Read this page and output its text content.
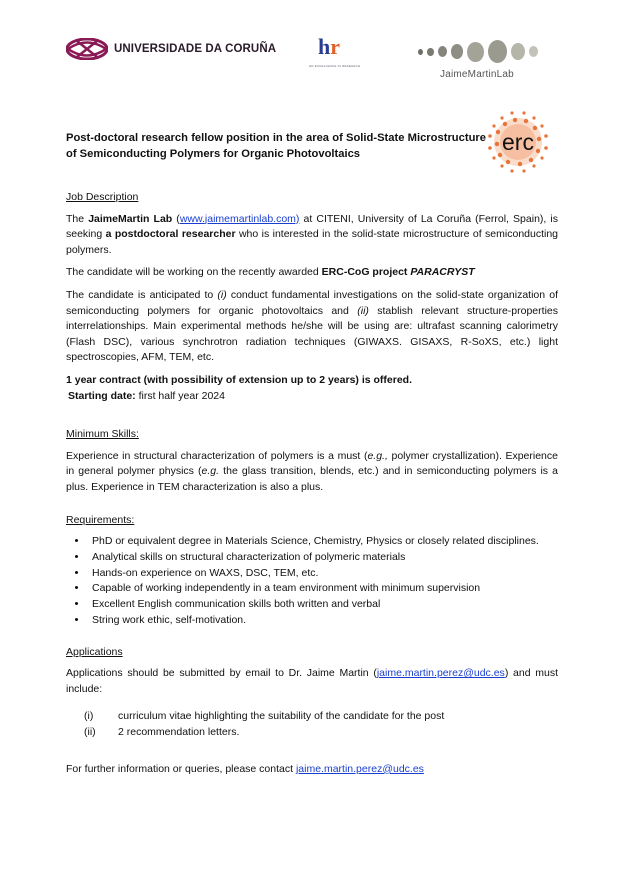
UNIVERSIDADE DA CORUÑA	hr
HR EXCELLENCE IN RESEARCH
JaimeMartinLab
Post-doctoral research fellow position in the area of Solid-State Microstructure of Semiconducting Polymers for Organic Photovoltaics	erc
Job Description

The JaimeMartin Lab (www.jaimemartinlab.com) at CITENI, University of La Coruña (Ferrol, Spain), is seeking a postdoctoral researcher who is interested in the solid-state microstructure of semiconducting polymers.

The candidate will be working on the recently awarded ERC-CoG project PARACRYST

The candidate is anticipated to (i) conduct fundamental investigations on the solid-state organization of semiconducting polymers for organic photovoltaics and (ii) stablish relevant structure-properties interrelationships. Main experimental methods he/she will be using are: ultrafast scanning calorimetry (Flash DSC), various synchrotron radiation techniques (GIWAXS. GISAXS, R-SoXS, etc.) light spectroscopies, AFM, TEM, etc.

1 year contract (with possibility of extension up to 2 years) is offered.

Starting date: first half year 2024

Minimum Skills:

Experience in structural characterization of polymers is a must (e.g., polymer crystallization). Experience in general polymer physics (e.g. the glass transition, blends, etc.) and in semiconducting polymers is a plus. Experience in TEM characterization is also a plus.

Requirements:
• PhD or equivalent degree in Materials Science, Chemistry, Physics or closely related disciplines.
• Analytical skills on structural characterization of polymeric materials
• Hands-on experience on WAXS, DSC, TEM, etc.
• Capable of working independently in a team environment with minimum supervision
• Excellent English communication skills both written and verbal
• String work ethic, self-motivation.
Applications

Applications should be submitted by email to Dr. Jaime Martin (jaime.martin.perez@udc.es) and must include:

(i)	curriculum vitae highlighting the suitability of the candidate for the post
(ii)	2 recommendation letters.

For further information or queries, please contact jaime.martin.perez@udc.es
